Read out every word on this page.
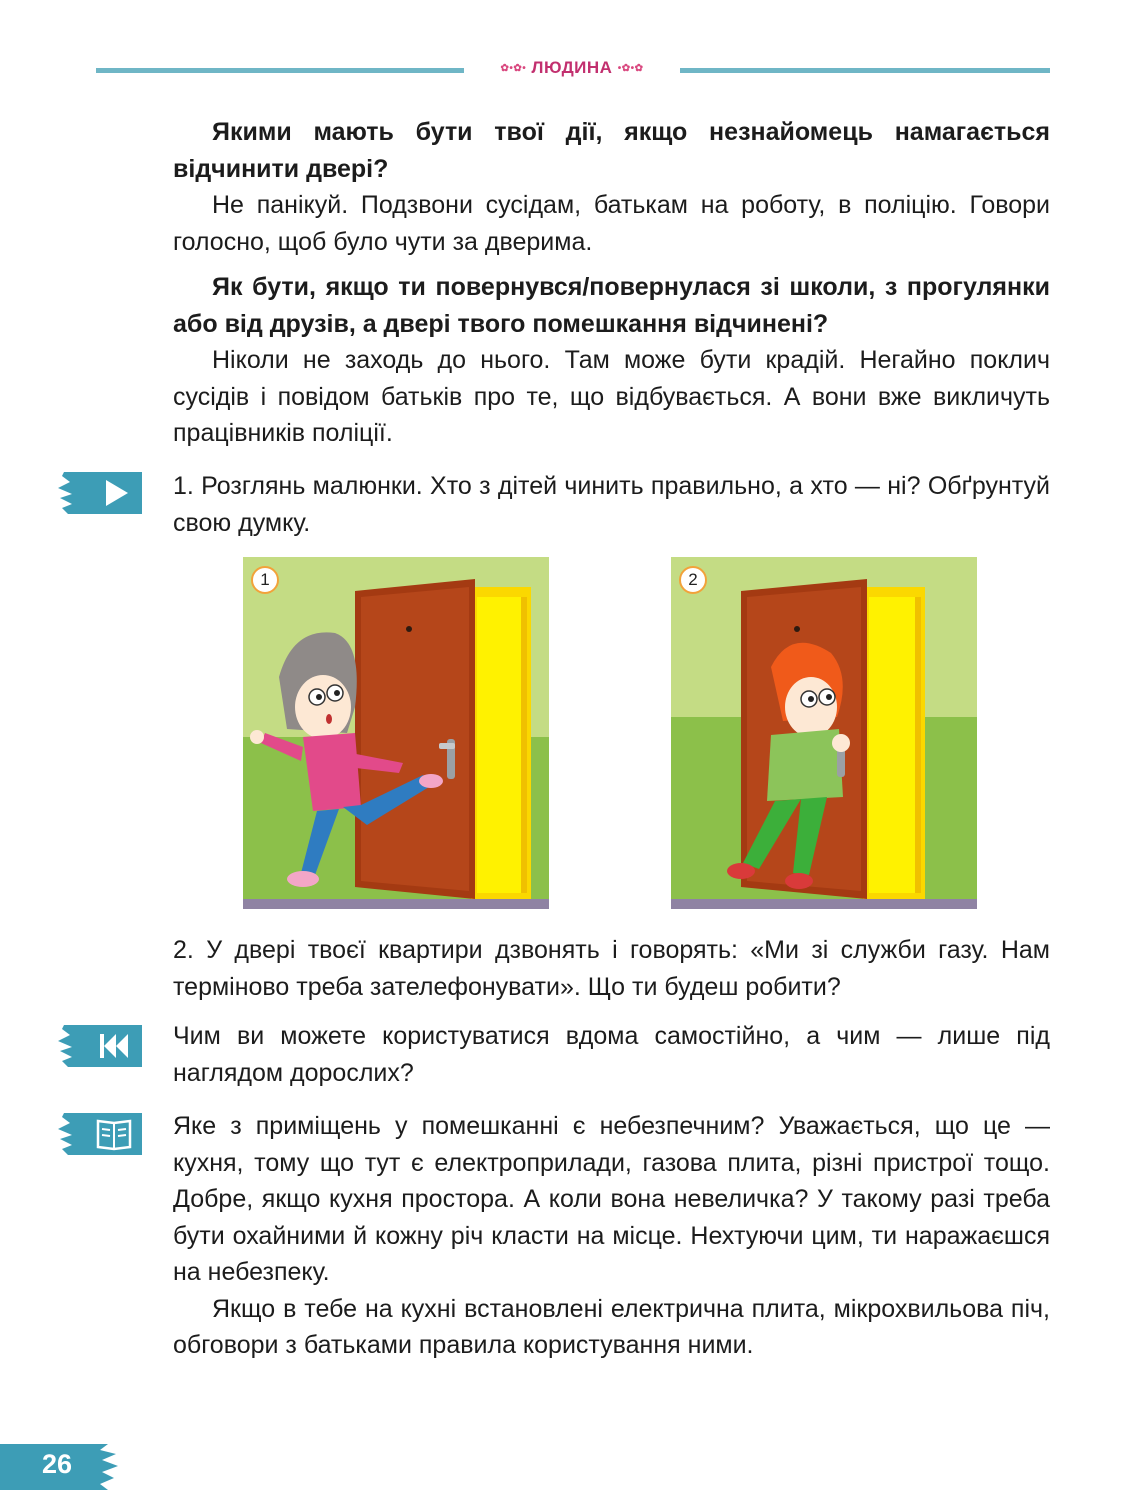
✿•✿• ЛЮДИНА •✿•✿

Якими мають бути твої дії, якщо незнайомець намагається відчинити двері?

Не панікуй. Подзвони сусідам, батькам на роботу, в поліцію. Говори голосно, щоб було чути за дверима.

Як бути, якщо ти повернувся/повернулася зі школи, з прогулянки або від друзів, а двері твого помешкання відчинені?

Ніколи не заходь до нього. Там може бути крадій. Негайно поклич сусідів і повідом батьків про те, що відбувається. А вони вже викличуть працівників поліції.

1. Розглянь малюнки. Хто з дітей чинить правильно, а хто — ні? Обґрунтуй свою думку.

1	2

2. У двері твоєї квартири дзвонять і говорять: «Ми зі служби газу. Нам терміново треба зателефонувати». Що ти будеш робити?

Чим ви можете користуватися вдома самостійно, а чим — лише під наглядом дорослих?

Яке з приміщень у помешканні є небезпечним? Уважається, що це — кухня, тому що тут є електроприлади, газова плита, різні пристрої тощо. Добре, якщо кухня простора. А коли вона невеличка? У такому разі треба бути охайними й кожну річ класти на місце. Нехтуючи цим, ти наражаєшся на небезпеку.

Якщо в тебе на кухні встановлені електрична плита, мікрохвильова піч, обговори з батьками правила користування ними.

26
